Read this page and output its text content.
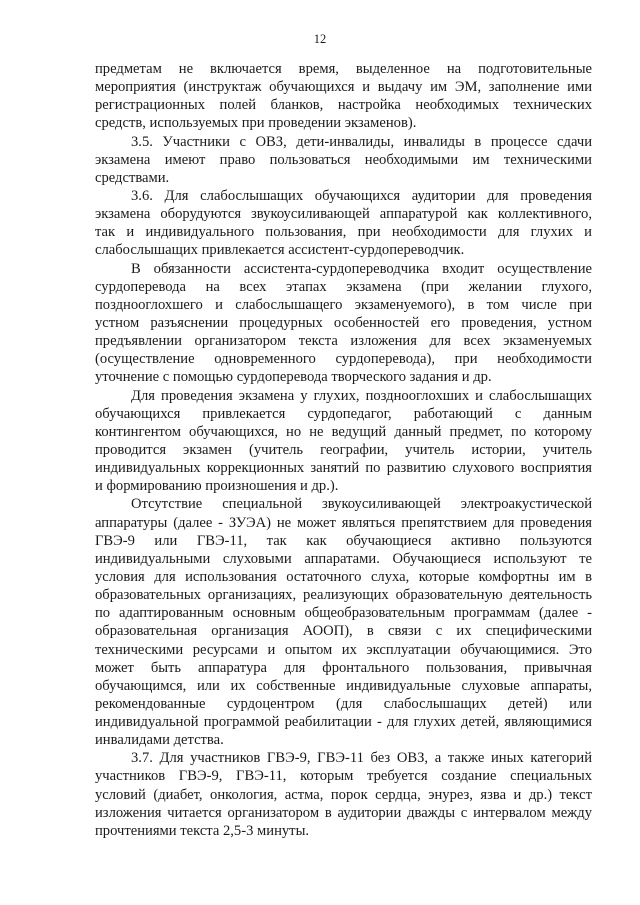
12
предметам не включается время, выделенное на подготовительные
мероприятия (инструктаж обучающихся и выдачу им ЭМ, заполнение ими
регистрационных полей бланков, настройка необходимых технических
средств, используемых при проведении экзаменов).
3.5. Участники с ОВЗ, дети-инвалиды, инвалиды в процессе сдачи
экзамена имеют право пользоваться необходимыми им техническими
средствами.
3.6. Для слабослышащих обучающихся аудитории для проведения
экзамена оборудуются звукоусиливающей аппаратурой как коллективного,
так и индивидуального пользования, при необходимости для глухих и
слабослышащих привлекается ассистент-сурдопереводчик.
В обязанности ассистента-сурдопереводчика входит осуществление
сурдоперевода на всех этапах экзамена (при желании глухого,
позднооглохшего и слабослышащего экзаменуемого), в том числе при
устном разъяснении процедурных особенностей его проведения, устном
предъявлении организатором текста изложения для всех экзаменуемых
(осуществление одновременного сурдоперевода), при необходимости
уточнение с помощью сурдоперевода творческого задания и др.
Для проведения экзамена у глухих, позднооглохших и слабослышащих
обучающихся привлекается сурдопедагог, работающий с данным
контингентом обучающихся, но не ведущий данный предмет, по которому
проводится экзамен (учитель географии, учитель истории, учитель
индивидуальных коррекционных занятий по развитию слухового восприятия
и формированию произношения и др.).
Отсутствие специальной звукоусиливающей электроакустической
аппаратуры (далее - ЗУЭА) не может являться препятствием для проведения
ГВЭ-9 или ГВЭ-11, так как обучающиеся активно пользуются
индивидуальными слуховыми аппаратами. Обучающиеся используют те
условия для использования остаточного слуха, которые комфортны им в
образовательных организациях, реализующих образовательную деятельность
по адаптированным основным общеобразовательным программам (далее -
образовательная организация АООП), в связи с их специфическими
техническими ресурсами и опытом их эксплуатации обучающимися. Это
может быть аппаратура для фронтального пользования, привычная
обучающимся, или их собственные индивидуальные слуховые аппараты,
рекомендованные сурдоцентром (для слабослышащих детей) или
индивидуальной программой реабилитации - для глухих детей, являющимися
инвалидами детства.
3.7. Для участников ГВЭ-9, ГВЭ-11 без ОВЗ, а также иных категорий
участников ГВЭ-9, ГВЭ-11, которым требуется создание специальных
условий (диабет, онкология, астма, порок сердца, энурез, язва и др.) текст
изложения читается организатором в аудитории дважды с интервалом между
прочтениями текста 2,5-3 минуты.
